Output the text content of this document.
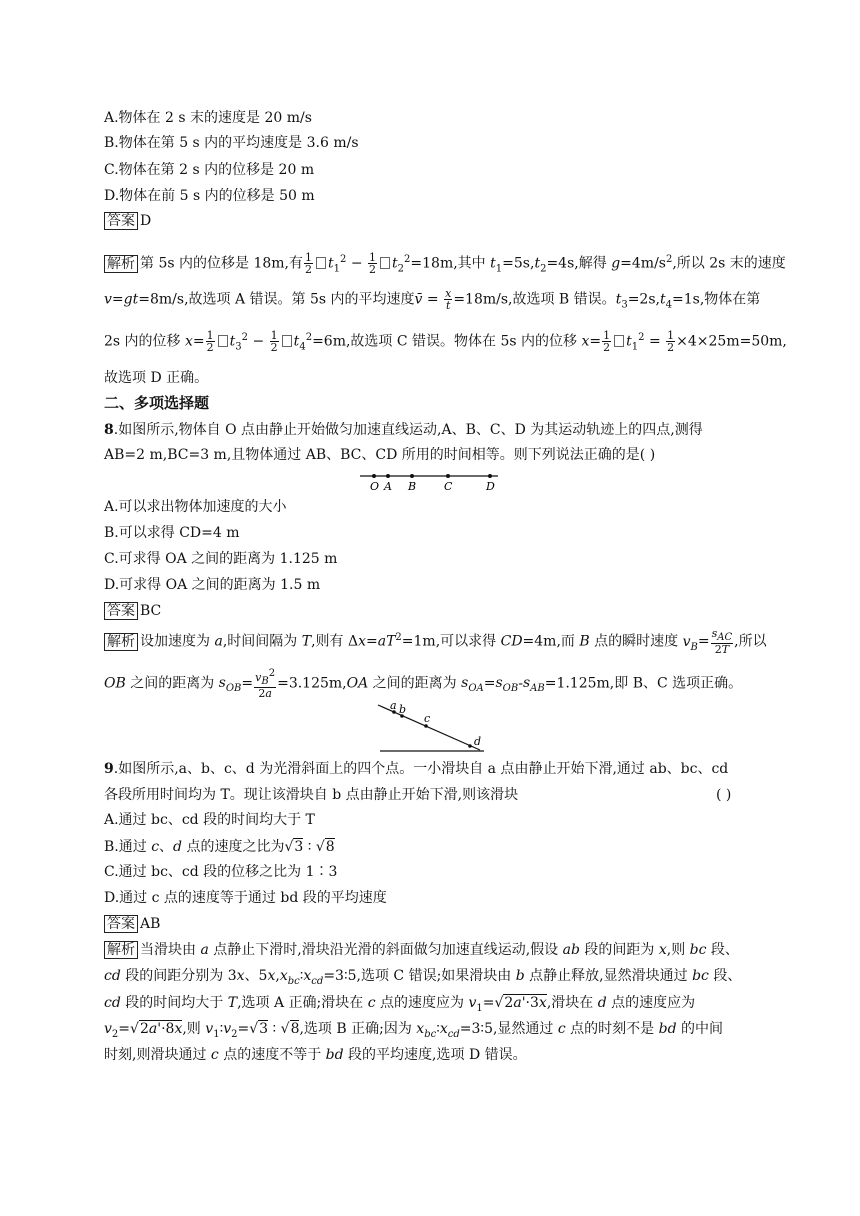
A.物体在 2 s 末的速度是 20 m/s
B.物体在第 5 s 内的平均速度是 3.6 m/s
C.物体在第 2 s 内的位移是 20 m
D.物体在前 5 s 内的位移是 50 m
答案 D
解析 第 5s 内的位移是 18m,有 $\frac{1}{2} t_1^2 - \frac{1}{2} t_2^2=18m$,其中 $t_1=5s,t_2=4s$,解得 $g=4m/s^2$,所以 2s 末的速度
v=gt=8m/s,故选项 A 错误。第 5s 内的平均速度v̄ = $\frac{x}{t} =18m/s$,故选项 B 错误。$t_3=2s,t_4=1s$,物体在第
2s 内的位移 $x= \frac{1}{2} t_3^2 - \frac{1}{2} t_4^2=6m$,故选项 C 错误。物体在 5s 内的位移 $x= \frac{1}{2} t_1^2 = \frac{1}{2} \times 4\times 25m=50m$,
故选项 D 正确。
二、多项选择题
8.如图所示,物体自 O 点由静止开始做匀加速直线运动,A、B、C、D 为其运动轨迹上的四点,测得
AB=2 m,BC=3 m,且物体通过 AB、BC、CD 所用的时间相等。则下列说法正确的是( )
O A B	C	D
A.可以求出物体加速度的大小
B.可以求得 CD=4 m
C.可求得 OA 之间的距离为 1.125 m
D.可求得 OA 之间的距离为 1.5 m
答案 BC
解析 设加速度为 a,时间间隔为 T,则有 $\Delta x=aT^2=1m$,可以求得 CD=4m,而 B 点的瞬时速度 $v_B= \frac{s_{AC}}{2T}$ ,所以
OB 之间的距离为 $s_{OB}= \frac{v_B^2}{2a} =3.125m,OA$ 之间的距离为 $s_{OA}=s_{OB}-s_{AB}=1.125m$,即 B、C 选项正确。
a b
c
d
9.如图所示,a、b、c、d 为光滑斜面上的四个点。一小滑块自 a 点由静止开始下滑,通过 ab、bc、cd
各段所用时间均为 T。现让该滑块自 b 点由静止开始下滑,则该滑块	( )
A.通过 bc、cd 段的时间均大于 T
B.通过 c、d 点的速度之比为√3 ∶ √8
C.通过 bc、cd 段的位移之比为 1∶3
D.通过 c 点的速度等于通过 bd 段的平均速度
答案 AB
解析 当滑块由 a 点静止下滑时,滑块沿光滑的斜面做匀加速直线运动,假设 ab 段的间距为 x,则 bc 段、
cd 段的间距分别为 3x、$5x,x_{bc}∶x_{cd}=3∶5$,选项 C 错误;如果滑块由 b 点静止释放,显然滑块通过 bc 段、
cd 段的时间均大于 T,选项 A 正确;滑块在 c 点的速度应为 $v_1=√2a'\cdot 3x$,滑块在 d 点的速度应为
$v_2=√2a'\cdot 8x$,则 $v_1∶v_2=√3$ ∶ √8,选项 B 正确;因为 $x_{bc}∶x_{cd}=3∶5$,显然通过 c 点的时刻不是 bd 的中间
时刻,则滑块通过 c 点的速度不等于 bd 段的平均速度,选项 D 错误。
